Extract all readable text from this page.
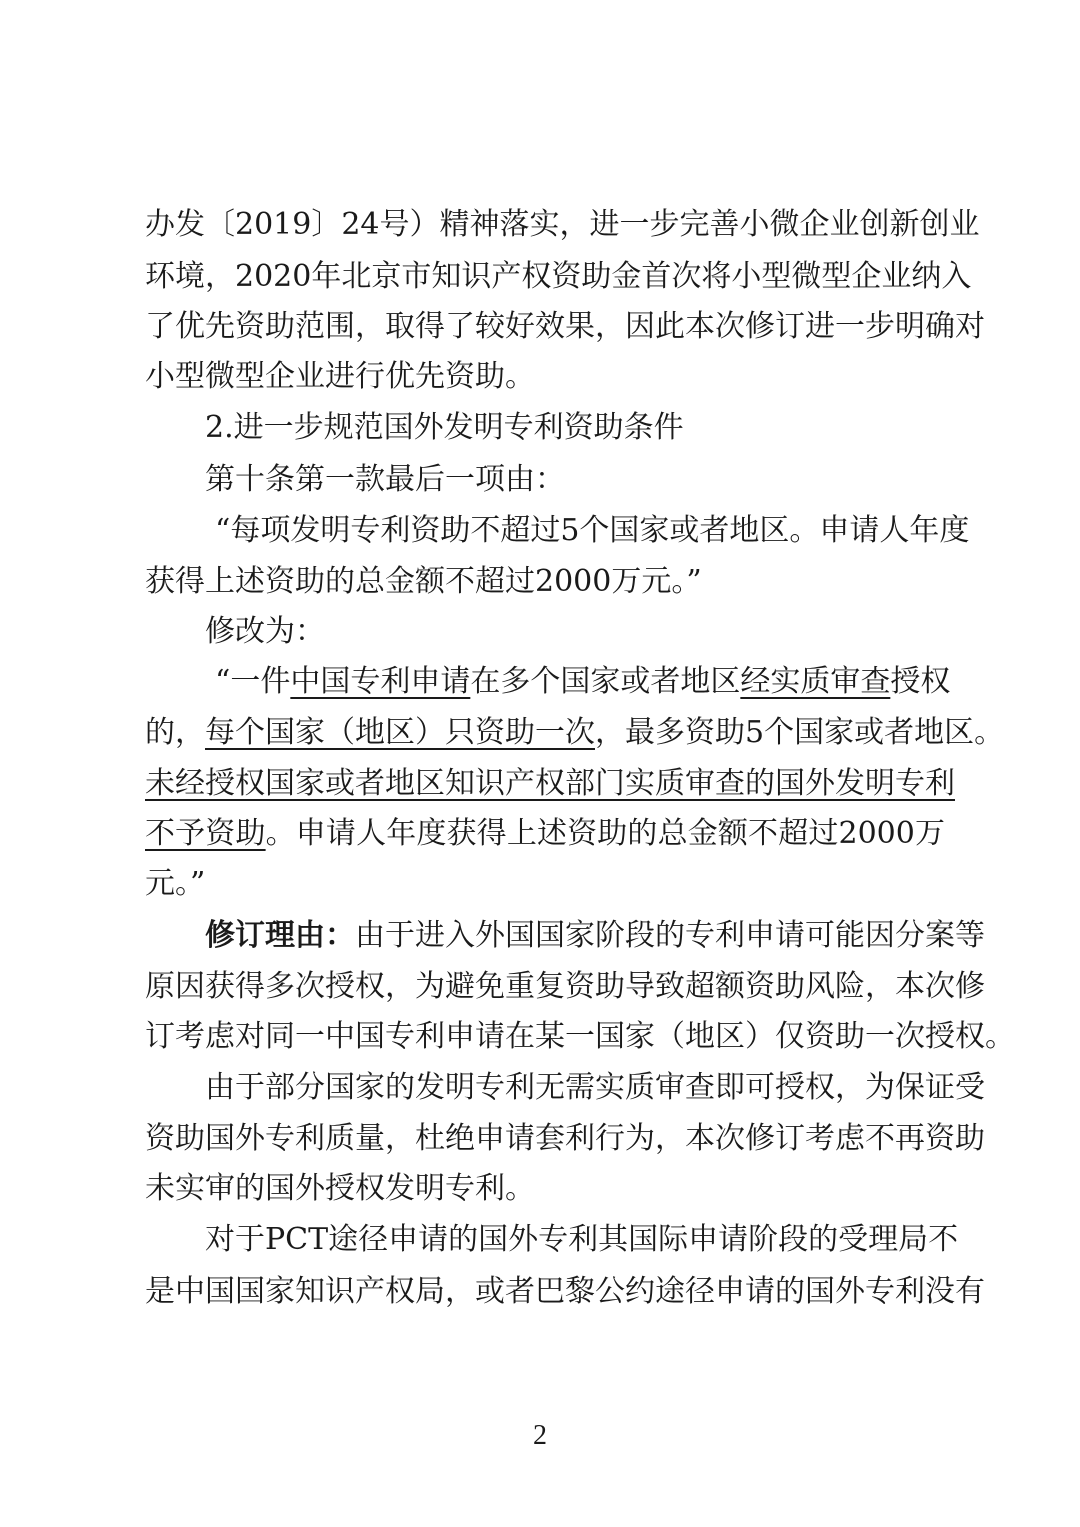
办发〔2019〕24号）精神落实，进一步完善小微企业创新创业
环境，2020年北京市知识产权资助金首次将小型微型企业纳入
了优先资助范围，取得了较好效果，因此本次修订进一步明确对
小型微型企业进行优先资助。
2.进一步规范国外发明专利资助条件
第十条第一款最后一项由：
“每项发明专利资助不超过5个国家或者地区。申请人年度
获得上述资助的总金额不超过2000万元。”
修改为：
“一件中国专利申请在多个国家或者地区经实质审查授权
的，每个国家（地区）只资助一次，最多资助5个国家或者地区。
未经授权国家或者地区知识产权部门实质审查的国外发明专利
不予资助。申请人年度获得上述资助的总金额不超过2000万
元。”
修订理由：由于进入外国国家阶段的专利申请可能因分案等
原因获得多次授权，为避免重复资助导致超额资助风险，本次修
订考虑对同一中国专利申请在某一国家（地区）仅资助一次授权。
由于部分国家的发明专利无需实质审查即可授权，为保证受
资助国外专利质量，杜绝申请套利行为，本次修订考虑不再资助
未实审的国外授权发明专利。
对于PCT途径申请的国外专利其国际申请阶段的受理局不
是中国国家知识产权局，或者巴黎公约途径申请的国外专利没有
2
